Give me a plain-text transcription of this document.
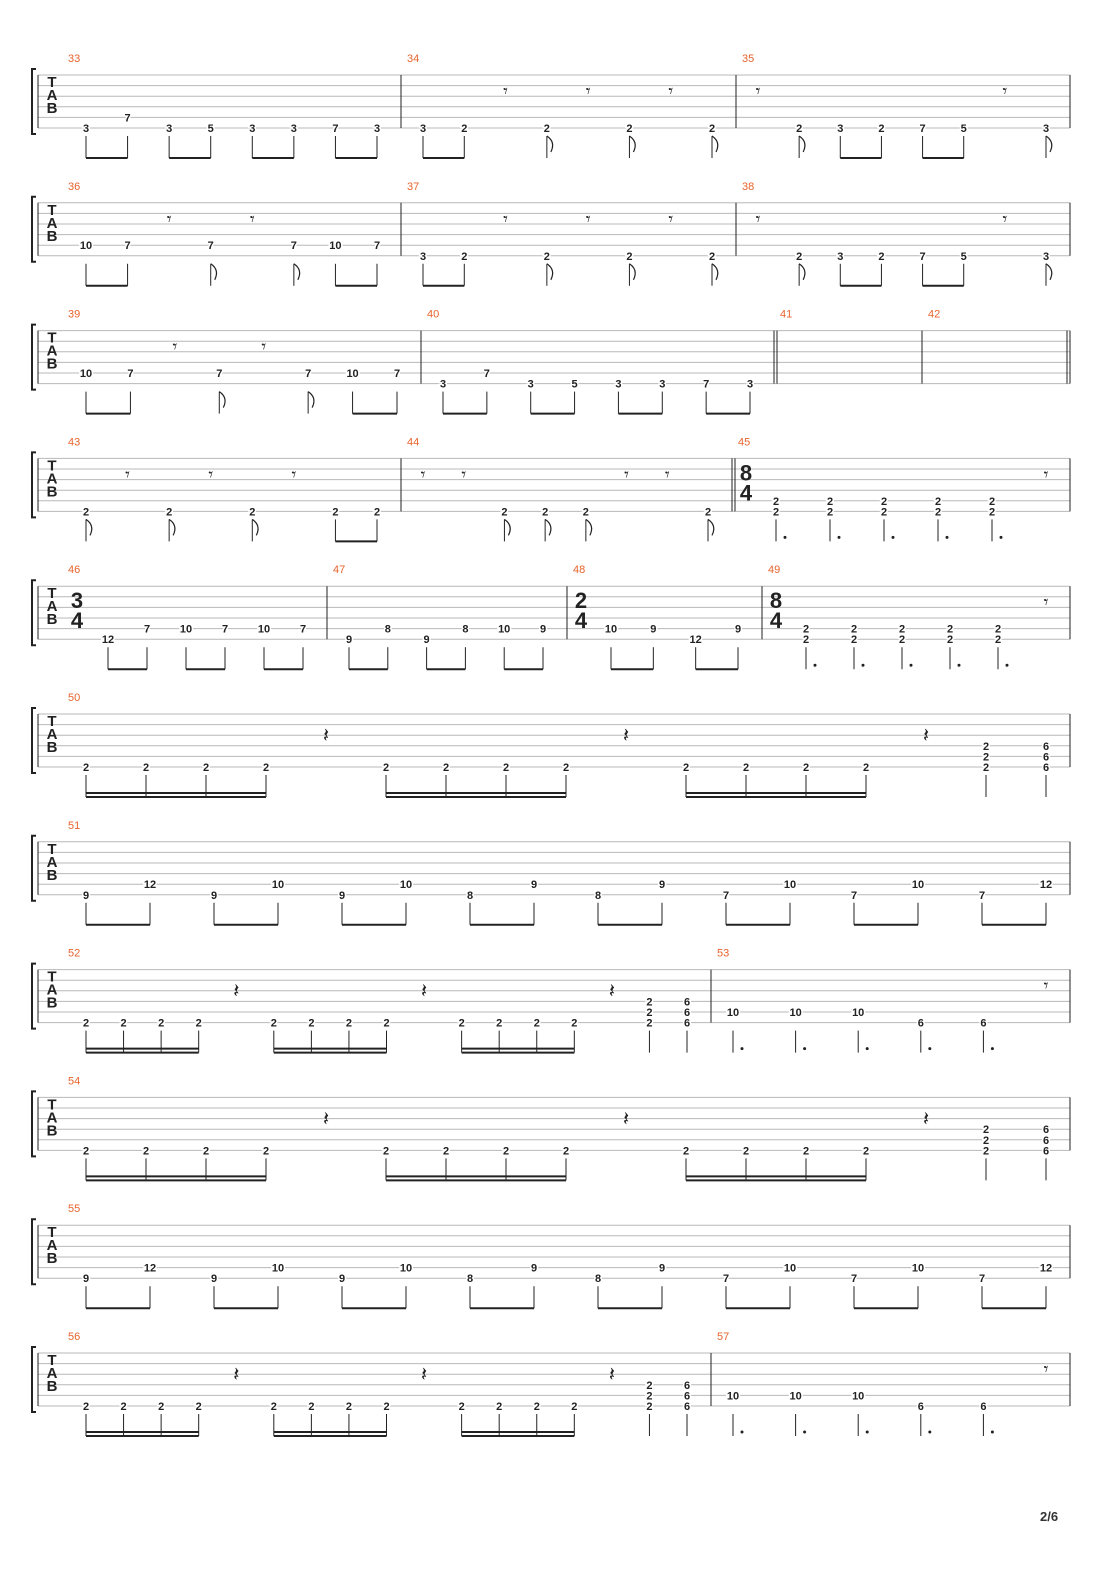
T
A
B
33
3
7
3	5	3	3	7	3
34
3	2
𝄾
2
𝄾
2
𝄾
2
35
𝄾
2	3	2	7	5
𝄾
3
T
A
B
36
10	7
𝄾
7
𝄾
7	10	7
37
3	2
𝄾
2
𝄾
2
𝄾
2
38
𝄾
2	3	2	7	5
𝄾
3
T
A
B
39
10	7
𝄾
7
𝄾
7	10	7
40
3
7
3	5	3	3	7	3
41	42
T
A
B
43
2
𝄾
2
𝄾
2
𝄾
2	2
44
𝄾 𝄾
2	2	2
𝄾 𝄾
2
45
8
4 2
2
2
2
2
2
2
2
2
2
𝄾
T
A
B
46
3
4
12
7	10	7	10	7
47
9
8
9
8	10	9
48
2
4 10	9
12
9
49
8
4 2
2
2
2
2
2
2
2
2
2
𝄾
T
A
B
50
2	2	2	2
𝄽
2	2	2	2
𝄽
2	2	2	2
𝄽	2
2
2
6
6
6
T
A
B
51
9
12
9
10
9
10
8
9
8
9
7
10
7
10
7
12
T
A
B
52
2	2	2	2
𝄽
2	2	2	2
𝄽
2	2	2	2
𝄽	2
2
2
6
6
6
53
10	10	10
6	6
𝄾
T
A
B
54
2	2	2	2
𝄽
2	2	2	2
𝄽
2	2	2	2
𝄽	2
2
2
6
6
6
T
A
B
55
9
12
9
10
9
10
8
9
8
9
7
10
7
10
7
12
T
A
B
56
2	2	2	2
𝄽
2	2	2	2
𝄽
2	2	2	2
𝄽	2
2
2
6
6
6
57
10	10	10
6	6
𝄾
2/6
